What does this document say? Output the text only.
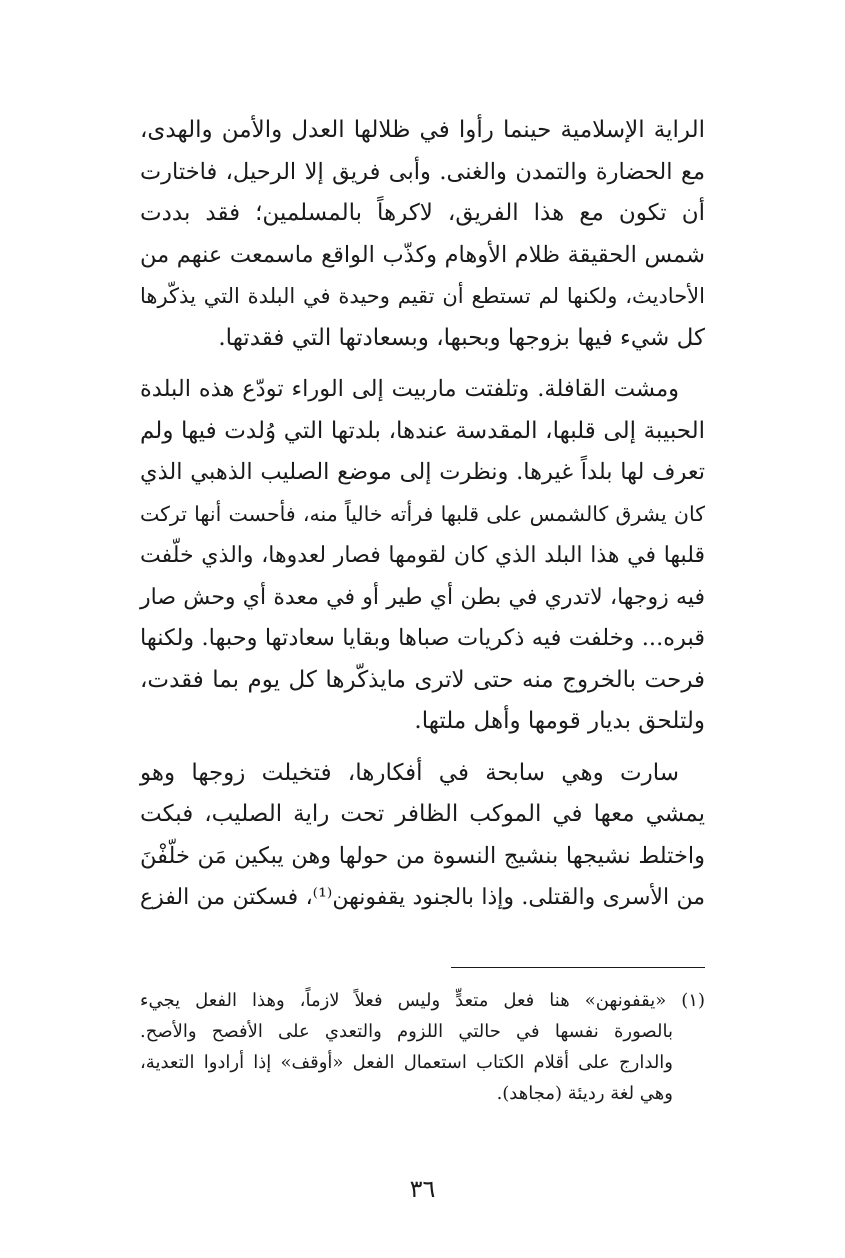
الراية الإسلامية حينما رأوا في ظلالها العدل والأمن والهدى،
مع الحضارة والتمدن والغنى. وأبى فريق إلا الرحيل، فاختارت
أن تكون مع هذا الفريق، لاكرهاً بالمسلمين؛ فقد بددت
شمس الحقيقة ظلام الأوهام وكذّب الواقع ماسمعت عنهم من
الأحاديث، ولكنها لم تستطع أن تقيم وحيدة في البلدة التي يذكّرها
كل شيء فيها بزوجها وبحبها، وبسعادتها التي فقدتها.

ومشت القافلة. وتلفتت ماربيت إلى الوراء تودّع هذه البلدة
الحبيبة إلى قلبها، المقدسة عندها، بلدتها التي وُلدت فيها ولم
تعرف لها بلداً غيرها. ونظرت إلى موضع الصليب الذهبي الذي
كان يشرق كالشمس على قلبها فرأته خالياً منه، فأحست أنها تركت
قلبها في هذا البلد الذي كان لقومها فصار لعدوها، والذي خلّفت
فيه زوجها، لاتدري في بطن أي طير أو في معدة أي وحش صار
قبره... وخلفت فيه ذكريات صباها وبقايا سعادتها وحبها. ولكنها
فرحت بالخروج منه حتى لاترى مايذكّرها كل يوم بما فقدت،
ولتلحق بديار قومها وأهل ملتها.

سارت وهي سابحة في أفكارها، فتخيلت زوجها وهو
يمشي معها في الموكب الظافر تحت راية الصليب، فبكت
واختلط نشيجها بنشيج النسوة من حولها وهن يبكين مَن خلّفْنَ
من الأسرى والقتلى. وإذا بالجنود يقفونهن⁽¹⁾، فسكتن من الفزع

(١) «يقفونهن» هنا فعل متعدٍّ وليس فعلاً لازماً، وهذا الفعل يجيء
بالصورة نفسها في حالتي اللزوم والتعدي على الأفصح والأصح.
والدارج على أقلام الكتاب استعمال الفعل «أوقف» إذا أرادوا التعدية،
وهي لغة رديئة (مجاهد).
٣٦
